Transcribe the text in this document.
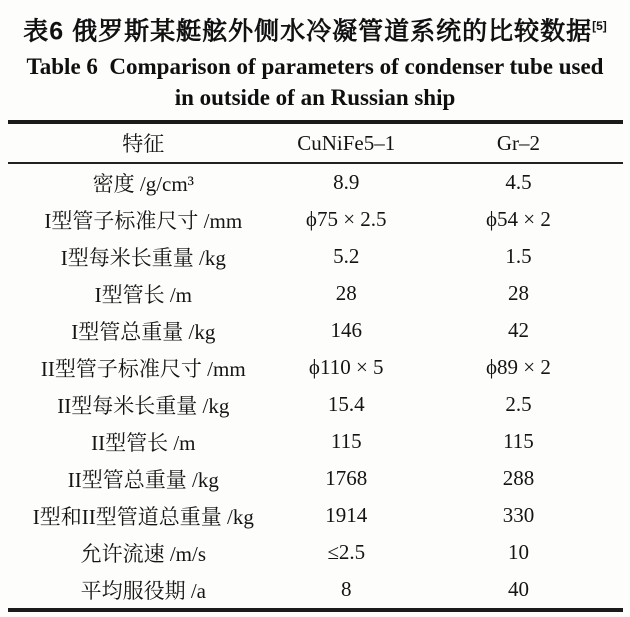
表6 俄罗斯某艇舷外侧水冷凝管道系统的比较数据[5]
Table 6  Comparison of parameters of condenser tube used
in outside of an Russian ship
特征	CuNiFe5–1	Gr–2
密度 /g/cm³	8.9	4.5
I型管子标准尺寸 /mm	ϕ75 × 2.5	ϕ54 × 2
I型每米长重量 /kg	5.2	1.5
I型管长 /m	28	28
I型管总重量 /kg	146	42
II型管子标准尺寸 /mm	ϕ110 × 5	ϕ89 × 2
II型每米长重量 /kg	15.4	2.5
II型管长 /m	115	115
II型管总重量 /kg	1768	288
I型和II型管道总重量 /kg	1914	330
允许流速 /m/s	≤2.5	10
平均服役期 /a	8	40
